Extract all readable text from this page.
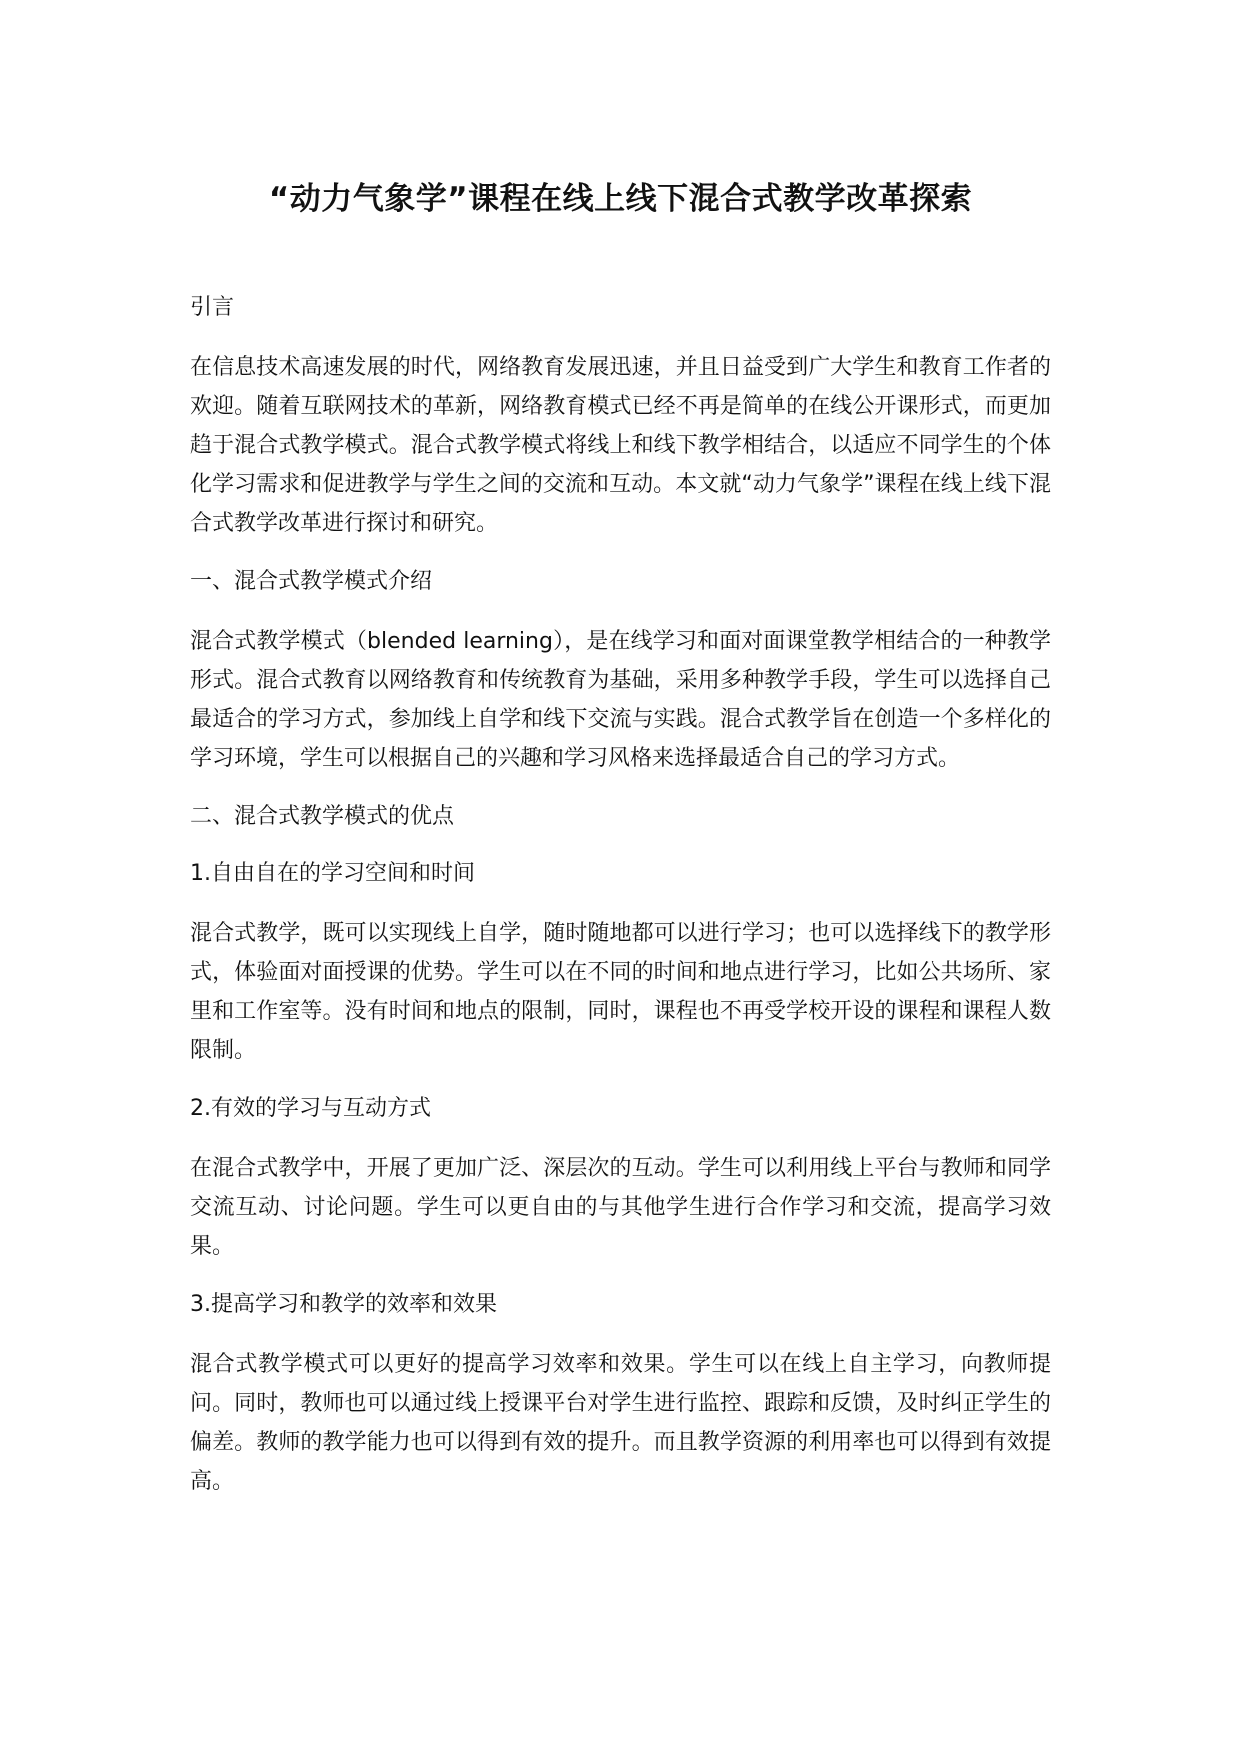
“动力气象学”课程在线上线下混合式教学改革探索
引言

在信息技术高速发展的时代，网络教育发展迅速，并且日益受到广大学生和教育工作者的欢迎。随着互联网技术的革新，网络教育模式已经不再是简单的在线公开课形式，而更加趋于混合式教学模式。混合式教学模式将线上和线下教学相结合，以适应不同学生的个体化学习需求和促进教学与学生之间的交流和互动。本文就“动力气象学”课程在线上线下混合式教学改革进行探讨和研究。

一、混合式教学模式介绍

混合式教学模式（blended learning），是在线学习和面对面课堂教学相结合的一种教学形式。混合式教育以网络教育和传统教育为基础，采用多种教学手段，学生可以选择自己最适合的学习方式，参加线上自学和线下交流与实践。混合式教学旨在创造一个多样化的学习环境，学生可以根据自己的兴趣和学习风格来选择最适合自己的学习方式。

二、混合式教学模式的优点
1.自由自在的学习空间和时间

混合式教学，既可以实现线上自学，随时随地都可以进行学习；也可以选择线下的教学形式，体验面对面授课的优势。学生可以在不同的时间和地点进行学习，比如公共场所、家里和工作室等。没有时间和地点的限制，同时，课程也不再受学校开设的课程和课程人数限制。

2.有效的学习与互动方式

在混合式教学中，开展了更加广泛、深层次的互动。学生可以利用线上平台与教师和同学交流互动、讨论问题。学生可以更自由的与其他学生进行合作学习和交流，提高学习效果。

3.提高学习和教学的效率和效果

混合式教学模式可以更好的提高学习效率和效果。学生可以在线上自主学习，向教师提问。同时，教师也可以通过线上授课平台对学生进行监控、跟踪和反馈，及时纠正学生的偏差。教师的教学能力也可以得到有效的提升。而且教学资源的利用率也可以得到有效提高。
